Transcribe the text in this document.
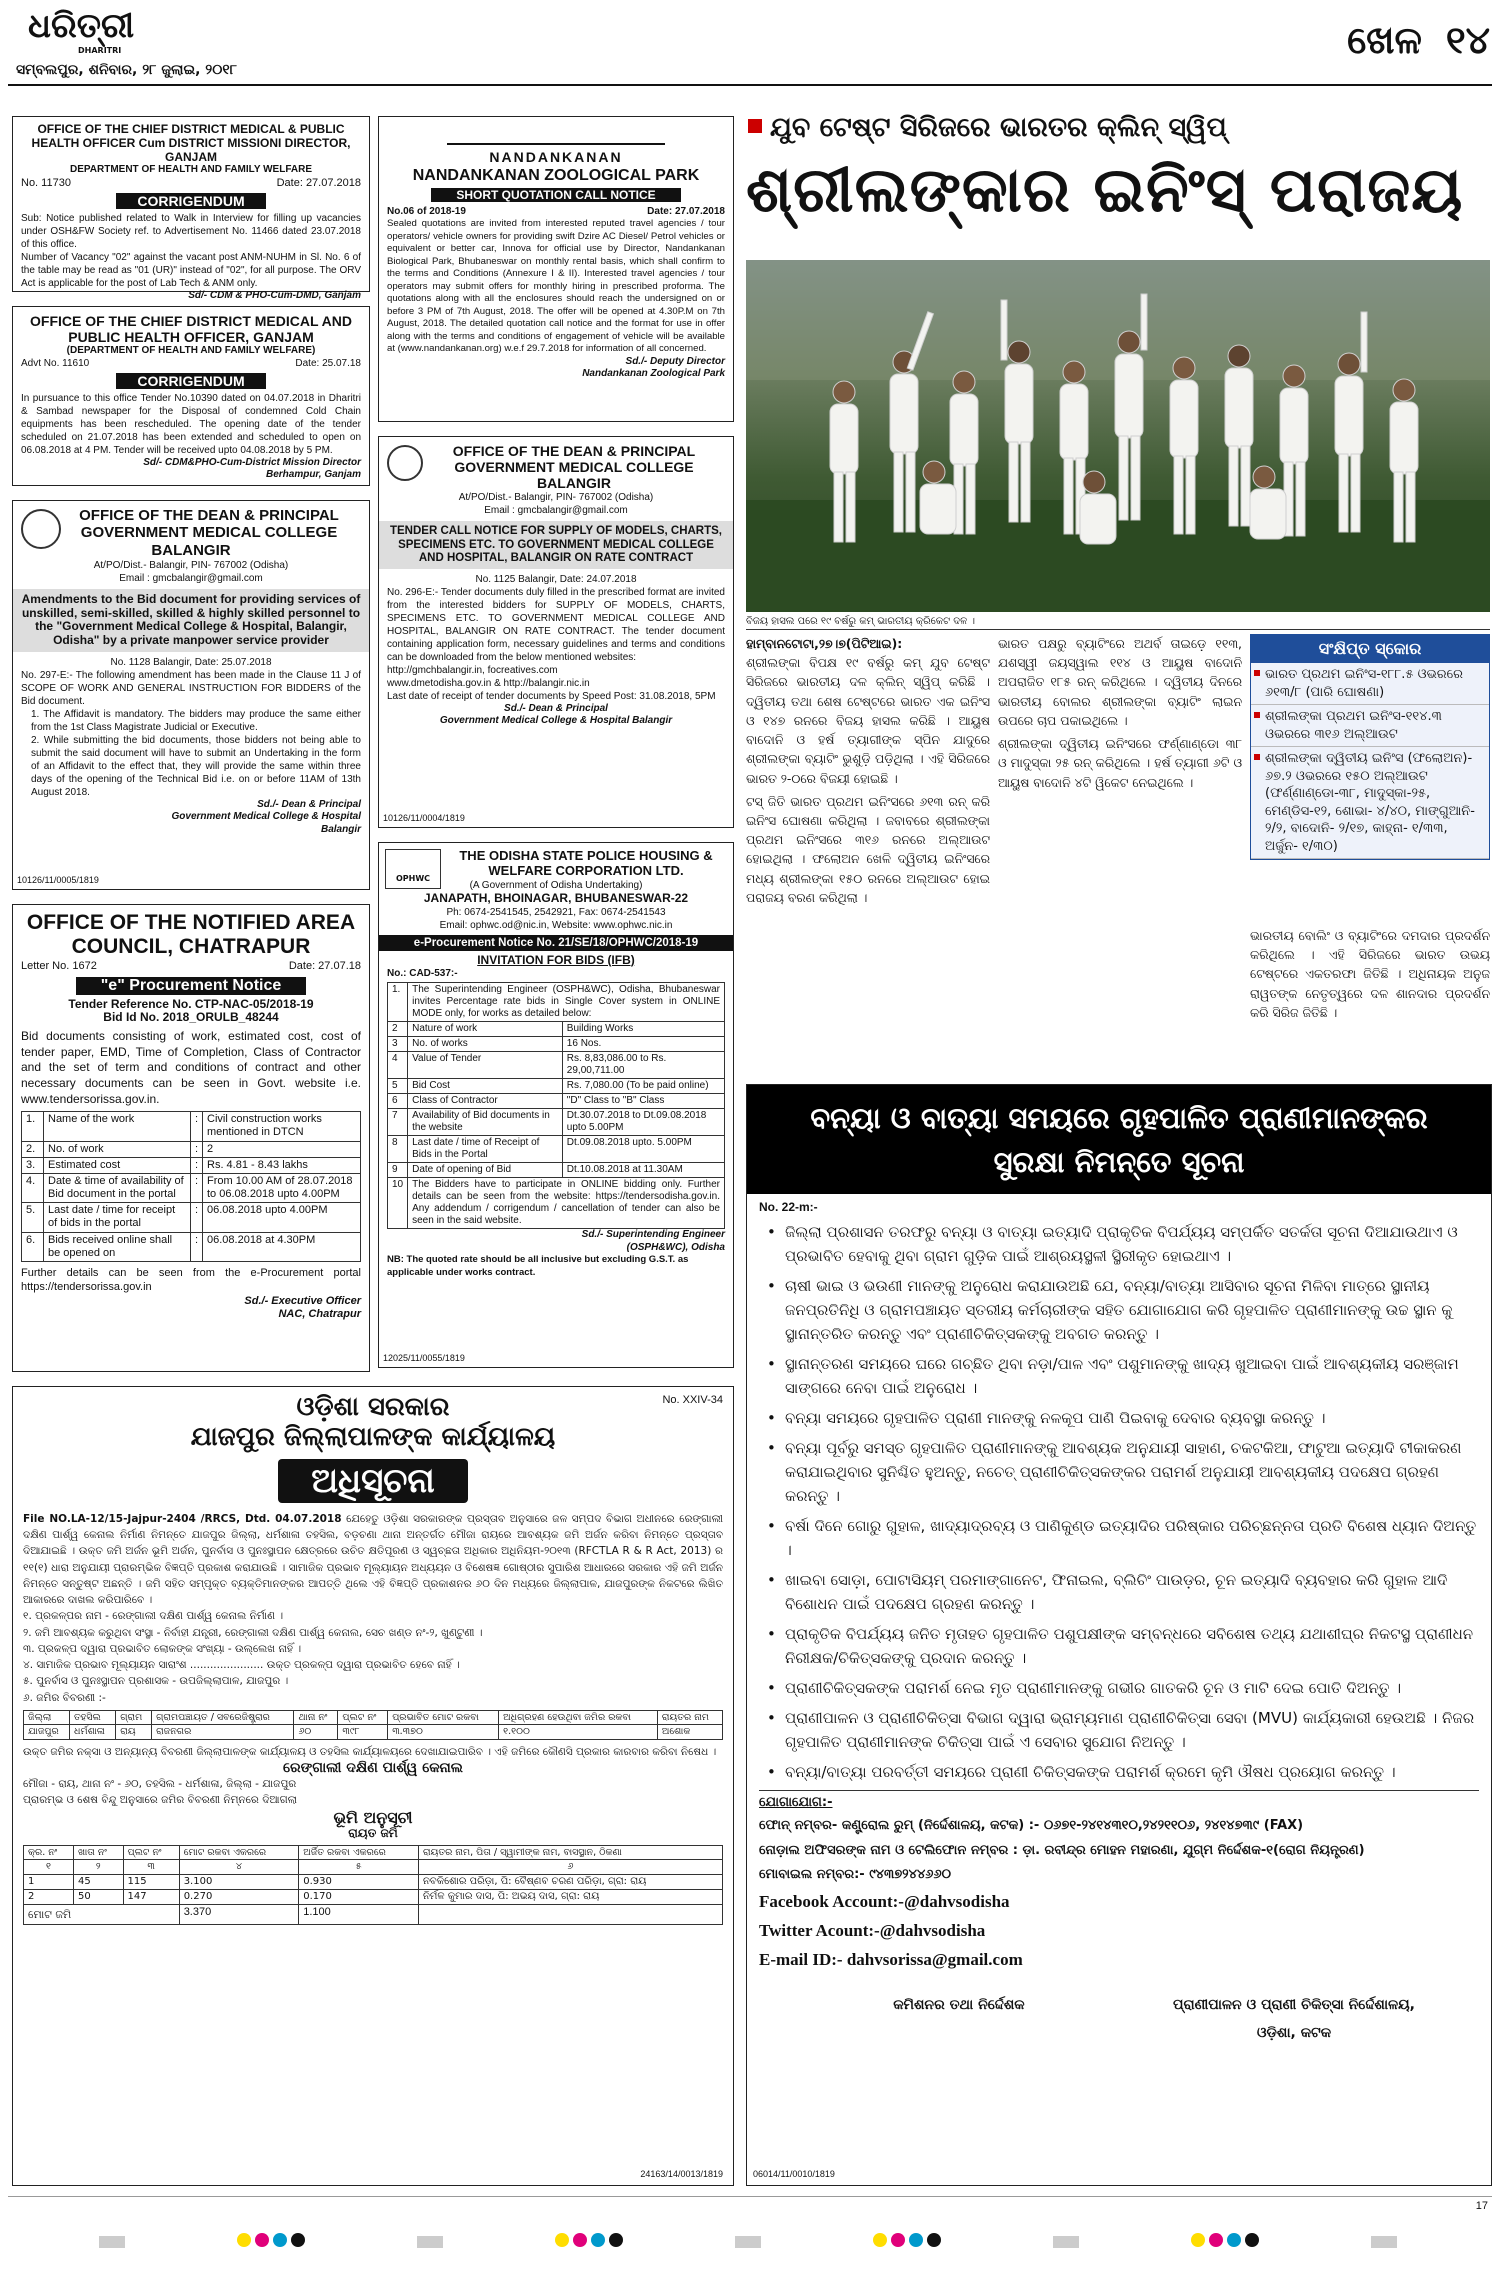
ଧରିତ୍ରୀ
DHARITRI
ସମ୍ବଲପୁର, ଶନିବାର, ୨୮ ଜୁଲାଇ, ୨୦୧୮
ଖେଳ ୧୪
OFFICE OF THE CHIEF DISTRICT MEDICAL & PUBLIC HEALTH OFFICER Cum DISTRICT MISSIONI DIRECTOR, GANJAM
DEPARTMENT OF HEALTH AND FAMILY WELFARE
No. 11730	Date: 27.07.2018
CORRIGENDUM
Sub: Notice published related to Walk in Interview for filling up vacancies under OSH&FW Society ref. to Advertisement No. 11466 dated 23.07.2018 of this office.
Number of Vacancy "02" against the vacant post ANM-NUHM in Sl. No. 6 of the table may be read as "01 (UR)" instead of "02", for all purpose. The ORV Act is applicable for the post of Lab Tech & ANM only.
Sd/- CDM & PHO-Cum-DMD, Ganjam
OFFICE OF THE CHIEF DISTRICT MEDICAL AND PUBLIC HEALTH OFFICER, GANJAM
(DEPARTMENT OF HEALTH AND FAMILY WELFARE)
Advt No. 11610	Date: 25.07.18
CORRIGENDUM
In pursuance to this office Tender No.10390 dated on 04.07.2018 in Dharitri & Sambad newspaper for the Disposal of condemned Cold Chain equipments has been rescheduled. The opening date of the tender scheduled on 21.07.2018 has been extended and scheduled to open on 06.08.2018 at 4 PM. Tender will be received upto 04.08.2018 by 5 PM.
Sd/- CDM&PHO-Cum-District Mission Director
Berhampur, Ganjam
OFFICE OF THE DEAN & PRINCIPAL GOVERNMENT MEDICAL COLLEGE
BALANGIR
At/PO/Dist.- Balangir, PIN- 767002 (Odisha)
Email : gmcbalangir@gmail.com
Amendments to the Bid document for providing services of unskilled, semi-skilled, skilled & highly skilled personnel to the "Government Medical College & Hospital, Balangir, Odisha" by a private manpower service provider
No. 1128 Balangir, Date: 25.07.2018
No. 297-E:- The following amendment has been made in the Clause 11 J of SCOPE OF WORK AND GENERAL INSTRUCTION FOR BIDDERS of the Bid document.
1. The Affidavit is mandatory. The bidders may produce the same either from the 1st Class Magistrate Judicial or Executive.
2. While submitting the bid documents, those bidders not being able to submit the said document will have to submit an Undertaking in the form of an Affidavit to the effect that, they will provide the same within three days of the opening of the Technical Bid i.e. on or before 11AM of 13th August 2018.
Sd./- Dean & Principal
Government Medical College & Hospital
Balangir
10126/11/0005/1819
OFFICE OF THE NOTIFIED AREA COUNCIL, CHATRAPUR
Letter No. 1672	Date: 27.07.18
"e" Procurement Notice
Tender Reference No. CTP-NAC-05/2018-19
Bid Id No. 2018_ORULB_48244
Bid documents consisting of work, estimated cost, cost of tender paper, EMD, Time of Completion, Class of Contractor and the set of term and conditions of contract and other necessary documents can be seen in Govt. website i.e. www.tendersorissa.gov.in.
1.	Name of the work	:	Civil construction works mentioned in DTCN
2.	No. of work	:	2
3.	Estimated cost	:	Rs. 4.81 - 8.43 lakhs
4.	Date & time of availability of Bid document in the portal	:	From 10.00 AM of 28.07.2018 to 06.08.2018 upto 4.00PM
5.	Last date / time for receipt of bids in the portal	:	06.08.2018 upto 4.00PM
6.	Bids received online shall be opened on	:	06.08.2018 at 4.30PM
Further details can be seen from the e-Procurement portal https://tendersorissa.gov.in
Sd./- Executive Officer
NAC, Chatrapur
NANDANKANAN
NANDANKANAN ZOOLOGICAL PARK
SHORT QUOTATION CALL NOTICE
No.06 of 2018-19	Date: 27.07.2018
Sealed quotations are invited from interested reputed travel agencies / tour operators/ vehicle owners for providing swift Dzire AC Diesel/ Petrol vehicles or equivalent or better car, Innova for official use by Director, Nandankanan Biological Park, Bhubaneswar on monthly rental basis, which shall confirm to the terms and Conditions (Annexure I & II). Interested travel agencies / tour operators may submit offers for monthly hiring in prescribed proforma. The quotations along with all the enclosures should reach the undersigned on or before 3 PM of 7th August, 2018. The offer will be opened at 4.30P.M on 7th August, 2018. The detailed quotation call notice and the format for use in offer along with the terms and conditions of engagement of vehicle will be available at (www.nandankanan.org) w.e.f 29.7.2018 for information of all concerned.
Sd./- Deputy Director
Nandankanan Zoological Park
OFFICE OF THE DEAN & PRINCIPAL GOVERNMENT MEDICAL COLLEGE BALANGIR
At/PO/Dist.- Balangir, PIN- 767002 (Odisha)
Email : gmcbalangir@gmail.com
TENDER CALL NOTICE FOR SUPPLY OF MODELS, CHARTS, SPECIMENS ETC. TO GOVERNMENT MEDICAL COLLEGE AND HOSPITAL, BALANGIR ON RATE CONTRACT
No. 1125 Balangir, Date: 24.07.2018
No. 296-E:- Tender documents duly filled in the prescribed format are invited from the interested bidders for SUPPLY OF MODELS, CHARTS, SPECIMENS ETC. TO GOVERNMENT MEDICAL COLLEGE AND HOSPITAL, BALANGIR ON RATE CONTRACT. The tender document containing application form, necessary guidelines and terms and conditions can be downloaded from the below mentioned websites:
http://gmchbalangir.in, focreatives.com
www.dmetodisha.gov.in & http://balangir.nic.in
Last date of receipt of tender documents by Speed Post: 31.08.2018, 5PM
Sd./- Dean & Principal
Government Medical College & Hospital Balangir
10126/11/0004/1819
OPHWC
THE ODISHA STATE POLICE HOUSING & WELFARE CORPORATION LTD.
(A Government of Odisha Undertaking)
JANAPATH, BHOINAGAR, BHUBANESWAR-22
Ph: 0674-2541545, 2542921, Fax: 0674-2541543
Email: ophwc.od@nic.in, Website: www.ophwc.nic.in
e-Procurement Notice No. 21/SE/18/OPHWC/2018-19
INVITATION FOR BIDS (IFB)
No.: CAD-537:-
1.	The Superintending Engineer (OSPH&WC), Odisha, Bhubaneswar invites Percentage rate bids in Single Cover system in ONLINE MODE only, for works as detailed below:	
2	Nature of work	Building Works
3	No. of works	16 Nos.
4	Value of Tender	Rs. 8,83,086.00 to Rs. 29,00,711.00
5	Bid Cost	Rs. 7,080.00 (To be paid online)
6	Class of Contractor	"D" Class to "B" Class
7	Availability of Bid documents in the website	Dt.30.07.2018 to Dt.09.08.2018 upto 5.00PM
8	Last date / time of Receipt of Bids in the Portal	Dt.09.08.2018 upto. 5.00PM
9	Date of opening of Bid	Dt.10.08.2018 at 11.30AM
10	The Bidders have to participate in ONLINE bidding only. Further details can be seen from the website: https://tendersodisha.gov.in. Any addendum / corrigendum / cancellation of tender can also be seen in the said website.	
Sd./- Superintending Engineer
(OSPH&WC), Odisha
NB: The quoted rate should be all inclusive but excluding G.S.T. as applicable under works contract.
12025/11/0055/1819
No. XXIV-34
ଓଡ଼ିଶା ସରକାର
ଯାଜପୁର ଜିଲ୍ଲାପାଳଙ୍କ କାର୍ଯ୍ୟାଳୟ
ଅଧିସୂଚନା
File NO.LA-12/15-Jajpur-2404 /RRCS, Dtd. 04.07.2018 ଯେହେତୁ ଓଡ଼ିଶା ସରକାରଙ୍କ ପ୍ରସ୍ତାବ ଅନୁସାରେ ଜଳ ସମ୍ପଦ ବିଭାଗ ଅଧୀନରେ ରେଙ୍ଗାଲୀ ଦକ୍ଷିଣ ପାର୍ଶ୍ୱ କେନାଲ ନିର୍ମାଣ ନିମନ୍ତେ ଯାଜପୁର ଜିଲ୍ଲା, ଧର୍ମଶାଳା ତହସିଲ, ବଡ଼ଚଣା ଥାନା ଅନ୍ତର୍ଗତ ମୌଜା ରାୟରେ ଆବଶ୍ୟକ ଜମି ଅର୍ଜନ କରିବା ନିମନ୍ତେ ପ୍ରସ୍ତାବ ଦିଆଯାଇଛି । ଉକ୍ତ ଜମି ଅର୍ଜନ ଭୂମି ଅର୍ଜନ, ପୁନର୍ବାସ ଓ ପୁନଃସ୍ଥାପନ କ୍ଷେତ୍ରରେ ଉଚିତ କ୍ଷତିପୂରଣ ଓ ସ୍ୱଚ୍ଛତା ଅଧିକାର ଅଧିନିୟମ-୨୦୧୩ (RFCTLA R & R Act, 2013) ର ୧୧(୧) ଧାରା ଅନୁଯାୟୀ ପ୍ରାରମ୍ଭିକ ବିଜ୍ଞପ୍ତି ପ୍ରକାଶ କରାଯାଉଛି । ସାମାଜିକ ପ୍ରଭାବ ମୂଲ୍ୟାୟନ ଅଧ୍ୟୟନ ଓ ବିଶେଷଜ୍ଞ ଗୋଷ୍ଠୀର ସୁପାରିଶ ଆଧାରରେ ସରକାର ଏହି ଜମି ଅର୍ଜନ ନିମନ୍ତେ ସନ୍ତୁଷ୍ଟ ଅଛନ୍ତି । ଜମି ସହିତ ସମ୍ପୃକ୍ତ ବ୍ୟକ୍ତିମାନଙ୍କର ଆପତ୍ତି ଥିଲେ ଏହି ବିଜ୍ଞପ୍ତି ପ୍ରକାଶନର ୬୦ ଦିନ ମଧ୍ୟରେ ଜିଲ୍ଲାପାଳ, ଯାଜପୁରଙ୍କ ନିକଟରେ ଲିଖିତ ଆକାରରେ ଦାଖଲ କରିପାରିବେ ।
୧. ପ୍ରକଳ୍ପର ନାମ - ରେଙ୍ଗାଲୀ ଦକ୍ଷିଣ ପାର୍ଶ୍ୱ କେନାଲ ନିର୍ମାଣ ।
୨. ଜମି ଆବଶ୍ୟକ କରୁଥିବା ସଂସ୍ଥା - ନିର୍ବାହୀ ଯନ୍ତ୍ରୀ, ରେଙ୍ଗାଲୀ ଦକ୍ଷିଣ ପାର୍ଶ୍ୱ କେନାଲ, ସେଚ ଖଣ୍ଡ ନଂ-୨, ଖୁଣ୍ଟୁଣୀ ।
୩. ପ୍ରକଳ୍ପ ଦ୍ୱାରା ପ୍ରଭାବିତ ଲୋକଙ୍କ ସଂଖ୍ୟା - ଉଲ୍ଲେଖ ନାହିଁ ।
୪. ସାମାଜିକ ପ୍ରଭାବ ମୂଲ୍ୟାୟନ ସାରାଂଶ ...................... ଉକ୍ତ ପ୍ରକଳ୍ପ ଦ୍ୱାରା ପ୍ରଭାବିତ ହେବେ ନାହିଁ ।
୫. ପୁନର୍ବାସ ଓ ପୁନଃସ୍ଥାପନ ପ୍ରଶାସକ - ଉପଜିଲ୍ଲାପାଳ, ଯାଜପୁର ।
୬. ଜମିର ବିବରଣୀ :-
ଜିଲ୍ଲା	ତହସିଲ	ଗ୍ରାମ	ଗ୍ରାମପଞ୍ଚାୟତ / ସବରେଜିଷ୍ଟ୍ରାର	ଥାନା ନଂ	ପ୍ଲଟ ନଂ	ପ୍ରଭାବିତ ମୋଟ ରକବା	ଅଧିଗ୍ରହଣ ହେଉଥିବା ଜମିର ରକବା	ରାୟତର ନାମ
ଯାଜପୁର	ଧର୍ମଶାଳା	ରାୟ	ରାଜନଗର	୬୦	୩୯୮	୩.୩୭୦	୧.୧୦୦	ଅଶୋକ
ଉକ୍ତ ଜମିର ନକ୍ସା ଓ ଅନ୍ୟାନ୍ୟ ବିବରଣୀ ଜିଲ୍ଲାପାଳଙ୍କ କାର୍ଯ୍ୟାଳୟ ଓ ତହସିଲ କାର୍ଯ୍ୟାଳୟରେ ଦେଖାଯାଇପାରିବ । ଏହି ଜମିରେ କୌଣସି ପ୍ରକାର କାରବାର କରିବା ନିଷେଧ ।
ରେଙ୍ଗାଲୀ ଦକ୍ଷିଣ ପାର୍ଶ୍ୱ କେନାଲ
ମୌଜା - ରାୟ, ଥାନା ନଂ - ୬୦, ତହସିଲ - ଧର୍ମଶାଳା, ଜିଲ୍ଲା - ଯାଜପୁର
ପ୍ରାରମ୍ଭ ଓ ଶେଷ ବିନ୍ଦୁ ଅନୁସାରେ ଜମିର ବିବରଣୀ ନିମ୍ନରେ ଦିଆଗଲା
ଭୂମି ଅନୁସୂଚୀ
ରାୟତ ଜମି
କ୍ର. ନଂ	ଖାତା ନଂ	ପ୍ଲଟ ନଂ	ମୋଟ ରକବା ଏକରରେ	ଅର୍ଜିତ ରକବା ଏକରରେ	ରାୟତର ନାମ, ପିତା / ସ୍ୱାମୀଙ୍କ ନାମ, ବାସସ୍ଥାନ, ଠିକଣା
୧	୨	୩	୪	୫	୬
1	45	115	3.100	0.930	ନବକିଶୋର ପରିଡ଼ା, ପି: ବୈଷ୍ଣବ ଚରଣ ପରିଡ଼ା, ଗ୍ରା: ରାୟ
2	50	147	0.270	0.170	ନିର୍ମଳ କୁମାର ଦାସ, ପି: ଅଭୟ ଦାସ, ଗ୍ରା: ରାୟ
ମୋଟ ଜମି			3.370	1.100	
24163/14/0013/1819
ଯୁବ ଟେଷ୍ଟ ସିରିଜରେ ଭାରତର କ୍ଲିନ୍ ସ୍ୱିପ୍
ଶ୍ରୀଲଙ୍କାର ଇନିଂସ୍ ପରାଜୟ
ବିଜୟ ହାସଲ ପରେ ୧୯ ବର୍ଷରୁ କମ୍ ଭାରତୀୟ କ୍ରିକେଟ ଦଳ ।

ହାମ୍ବାନଟୋଟା,୨୭।୭(ପିଟିଆଇ):

ଶ୍ରୀଲଙ୍କା ବିପକ୍ଷ ୧୯ ବର୍ଷରୁ କମ୍ ଯୁବ ଟେଷ୍ଟ ସିରିଜରେ ଭାରତୀୟ ଦଳ କ୍ଲିନ୍ ସ୍ୱିପ୍ କରିଛି । ଦ୍ୱିତୀୟ ତଥା ଶେଷ ଟେଷ୍ଟରେ ଭାରତ ଏକ ଇନିଂସ ଓ ୧୪୭ ରନରେ ବିଜୟ ହାସଲ କରିଛି । ଆୟୁଷ ବାଦୋନି ଓ ହର୍ଷ ତ୍ୟାଗୀଙ୍କ ସ୍ପିନ ଯାଦୁରେ ଶ୍ରୀଲଙ୍କା ବ୍ୟାଟିଂ ଭୁଶୁଡ଼ି ପଡ଼ିଥିଲା । ଏହି ସିରିଜରେ ଭାରତ ୨-୦ରେ ବିଜୟୀ ହୋଇଛି ।

ଟସ୍ ଜିତି ଭାରତ ପ୍ରଥମ ଇନିଂସରେ ୬୧୩ ରନ୍ କରି ଇନିଂସ ଘୋଷଣା କରିଥିଲା । ଜବାବରେ ଶ୍ରୀଲଙ୍କା ପ୍ରଥମ ଇନିଂସରେ ୩୧୬ ରନରେ ଅଲ୍ଆଉଟ ହୋଇଥିଲା । ଫଲୋଅନ ଖେଳି ଦ୍ୱିତୀୟ ଇନିଂସରେ ମଧ୍ୟ ଶ୍ରୀଲଙ୍କା ୧୫୦ ରନରେ ଅଲ୍ଆଉଟ ହୋଇ ପରାଜୟ ବରଣ କରିଥିଲା ।

ଭାରତ ପକ୍ଷରୁ ବ୍ୟାଟିଂରେ ଅଥର୍ବ ତାଇଡ଼େ ୧୧୩, ଯଶସ୍ୱୀ ଜୟସ୍ୱାଲ ୧୧୪ ଓ ଆୟୁଷ ବାଦୋନି ଅପରାଜିତ ୧୮୫ ରନ୍ କରିଥିଲେ । ଦ୍ୱିତୀୟ ଦିନରେ ଭାରତୀୟ ବୋଲର ଶ୍ରୀଲଙ୍କା ବ୍ୟାଟିଂ ଲାଇନ ଉପରେ ଚାପ ପକାଇଥିଲେ ।

ଶ୍ରୀଲଙ୍କା ଦ୍ୱିତୀୟ ଇନିଂସରେ ଫର୍ଣ୍ଣାଣ୍ଡୋ ୩୮ ଓ ମାଦୁସ୍କା ୨୫ ରନ୍ କରିଥିଲେ । ହର୍ଷ ତ୍ୟାଗୀ ୬ଟି ଓ ଆୟୁଷ ବାଦୋନି ୪ଟି ୱିକେଟ ନେଇଥିଲେ ।

ସଂକ୍ଷିପ୍ତ ସ୍କୋର
ଭାରତ ପ୍ରଥମ ଇନିଂସ-୧୮୮.୫ ଓଭରରେ ୬୧୩/୮ (ପାରି ଘୋଷଣା)
ଶ୍ରୀଲଙ୍କା ପ୍ରଥମ ଇନିଂସ-୧୧୪.୩ ଓଭରରେ ୩୧୬ ଅଲ୍ଆଉଟ
ଶ୍ରୀଲଙ୍କା ଦ୍ୱିତୀୟ ଇନିଂସ (ଫଲୋଅନ)- ୬୭.୨ ଓଭରରେ ୧୫୦ ଅଲ୍ଆଉଟ (ଫର୍ଣ୍ଣାଣ୍ଡୋ-୩୮, ମାଦୁସ୍କା-୨୫, ମେଣ୍ଡିସ-୧୨, ଶୋଭା- ୪/୪୦, ମାଙ୍ଗୁଆନି- ୨/୨, ବାଦୋନି- ୨/୧୭, କାହ୍ନା- ୧/୩୩, ଅର୍ଜୁନ- ୧/୩୦)

ଭାରତୀୟ ବୋଲିଂ ଓ ବ୍ୟାଟିଂରେ ଦମଦାର ପ୍ରଦର୍ଶନ କରିଥିଲେ । ଏହି ସିରିଜରେ ଭାରତ ଉଭୟ ଟେଷ୍ଟରେ ଏକତରଫା ଜିତିଛି । ଅଧିନାୟକ ଅନୁଜ ରାୱତଙ୍କ ନେତୃତ୍ୱରେ ଦଳ ଶାନଦାର ପ୍ରଦର୍ଶନ କରି ସିରିଜ ଜିତିଛି ।

ବନ୍ୟା ଓ ବାତ୍ୟା ସମୟରେ ଗୃହପାଳିତ ପ୍ରାଣୀମାନଙ୍କର
ସୁରକ୍ଷା ନିମନ୍ତେ ସୂଚନା
No. 22-m:-
• ଜିଲ୍ଲା ପ୍ରଶାସନ ତରଫରୁ ବନ୍ୟା ଓ ବାତ୍ୟା ଇତ୍ୟାଦି ପ୍ରାକୃତିକ ବିପର୍ଯ୍ୟୟ ସମ୍ପର୍କିତ ସତର୍କତା ସୂଚନା ଦିଆଯାଉଥାଏ ଓ ପ୍ରଭାବିତ ହେବାକୁ ଥିବା ଗ୍ରାମ ଗୁଡ଼ିକ ପାଇଁ ଆଶ୍ରୟସ୍ଥଳୀ ସ୍ଥିରୀକୃତ ହୋଇଥାଏ ।
• ଚାଷୀ ଭାଇ ଓ ଭଉଣୀ ମାନଙ୍କୁ ଅନୁରୋଧ କରାଯାଉଅଛି ଯେ, ବନ୍ୟା/ବାତ୍ୟା ଆସିବାର ସୂଚନା ମିଳିବା ମାତ୍ରେ ସ୍ଥାନୀୟ ଜନପ୍ରତିନିଧି ଓ ଗ୍ରାମପଞ୍ଚାୟତ ସ୍ତରୀୟ କର୍ମଚାରୀଙ୍କ ସହିତ ଯୋଗାଯୋଗ କରି ଗୃହପାଳିତ ପ୍ରାଣୀମାନଙ୍କୁ ଉଚ୍ଚ ସ୍ଥାନ କୁ ସ୍ଥାନାନ୍ତରିତ କରନ୍ତୁ ଏବଂ ପ୍ରାଣୀଚିକିତ୍ସକଙ୍କୁ ଅବଗତ କରନ୍ତୁ ।
• ସ୍ଥାନାନ୍ତରଣ ସମୟରେ ଘରେ ଗଚ୍ଛିତ ଥିବା ନଡ଼ା/ପାଳ ଏବଂ ପଶୁମାନଙ୍କୁ ଖାଦ୍ୟ ଖୁଆଇବା ପାଇଁ ଆବଶ୍ୟକୀୟ ସରଞ୍ଜାମ ସାଙ୍ଗରେ ନେବା ପାଇଁ ଅନୁରୋଧ ।
• ବନ୍ୟା ସମୟରେ ଗୃହପାଳିତ ପ୍ରାଣୀ ମାନଙ୍କୁ ନଳକୂପ ପାଣି ପିଇବାକୁ ଦେବାର ବ୍ୟବସ୍ଥା କରନ୍ତୁ ।
• ବନ୍ୟା ପୂର୍ବରୁ ସମସ୍ତ ଗୃହପାଳିତ ପ୍ରାଣୀମାନଙ୍କୁ ଆବଶ୍ୟକ ଅନୁଯାୟୀ ସାହାଣ, ଚକଟକିଆ, ଫାଟୁଆ ଇତ୍ୟାଦି ଟୀକାକରଣ କରାଯାଇଥିବାର ସୁନିଶ୍ଚିତ ହୁଅନ୍ତୁ, ନଚେତ୍ ପ୍ରାଣୀଚିକିତ୍ସକଙ୍କର ପରାମର୍ଶ ଅନୁଯାୟୀ ଆବଶ୍ୟକୀୟ ପଦକ୍ଷେପ ଗ୍ରହଣ କରନ୍ତୁ ।
• ବର୍ଷା ଦିନେ ଗୋରୁ ଗୁହାଳ, ଖାଦ୍ୟାଦ୍ରବ୍ୟ ଓ ପାଣିକୁଣ୍ଡ ଇତ୍ୟାଦିର ପରିଷ୍କାର ପରିଚ୍ଛନ୍ନତା ପ୍ରତି ବିଶେଷ ଧ୍ୟାନ ଦିଅନ୍ତୁ ।
• ଖାଇବା ସୋଡ଼ା, ପୋଟାସିୟମ୍ ପରମାଙ୍ଗାନେଟ, ଫିନାଇଲ, ବ୍ଲିଚିଂ ପାଉଡ଼ର, ଚୂନ ଇତ୍ୟାଦି ବ୍ୟବହାର କରି ଗୁହାଳ ଆଦି ବିଶୋଧନ ପାଇଁ ପଦକ୍ଷେପ ଗ୍ରହଣ କରନ୍ତୁ ।
• ପ୍ରାକୃତିକ ବିପର୍ଯ୍ୟୟ ଜନିତ ମୃତାହତ ଗୃହପାଳିତ ପଶୁପକ୍ଷୀଙ୍କ ସମ୍ବନ୍ଧରେ ସବିଶେଷ ତଥ୍ୟ ଯଥାଶୀଘ୍ର ନିକଟସ୍ଥ ପ୍ରାଣୀଧନ ନିରୀକ୍ଷକ/ଚିକିତ୍ସକଙ୍କୁ ପ୍ରଦାନ କରନ୍ତୁ ।
• ପ୍ରାଣୀଚିକିତ୍ସକଙ୍କ ପରାମର୍ଶ ନେଇ ମୃତ ପ୍ରାଣୀମାନଙ୍କୁ ଗଭୀର ଗାତକରି ଚୂନ ଓ ମାଟି ଦେଇ ପୋତି ଦିଅନ୍ତୁ ।
• ପ୍ରାଣୀପାଳନ ଓ ପ୍ରାଣୀଚିକିତ୍ସା ବିଭାଗ ଦ୍ୱାରା ଭ୍ରାମ୍ୟମାଣ ପ୍ରାଣୀଚିକିତ୍ସା ସେବା (MVU) କାର୍ଯ୍ୟକାରୀ ହେଉଅଛି । ନିଜର ଗୃହପାଳିତ ପ୍ରାଣୀମାନଙ୍କ ଚିକିତ୍ସା ପାଇଁ ଏ ସେବାର ସୁଯୋଗ ନିଅନ୍ତୁ ।
• ବନ୍ୟା/ବାତ୍ୟା ପରବର୍ତ୍ତୀ ସମୟରେ ପ୍ରାଣୀ ଚିକିତ୍ସକଙ୍କ ପରାମର୍ଶ କ୍ରମେ କୃମି ଔଷଧ ପ୍ରୟୋଗ କରନ୍ତୁ ।
ଯୋଗାଯୋଗ:-
ଫୋନ୍ ନମ୍ବର- କଣ୍ଟ୍ରୋଲ ରୁମ୍ (ନିର୍ଦ୍ଦେଶାଳୟ, କଟକ) :- ୦୬୭୧-୨୪୧୪୩୧୦,୨୪୨୧୧୦୬, ୨୪୧୪୭୩୯ (FAX)
ନୋଡ଼ାଲ ଅଫିସରଙ୍କ ନାମ ଓ ଟେଲିଫୋନ ନମ୍ବର : ଡ଼ା. ରବୀନ୍ଦ୍ର ମୋହନ ମହାରଣା, ଯୁଗ୍ମ ନିର୍ଦ୍ଦେଶକ-୧(ରୋଗ ନିୟନ୍ତ୍ରଣ)
ମୋବାଇଲ ନମ୍ବର:- ୯୪୩୭୨୪୪୬୬୦
Facebook Account:-@dahvsodisha
Twitter Acount:-@dahvsodisha
E-mail ID:- dahvsorissa@gmail.com
କମିଶନର ତଥା ନିର୍ଦ୍ଦେଶକ	ପ୍ରାଣୀପାଳନ ଓ ପ୍ରାଣୀ ଚିକିତ୍ସା ନିର୍ଦ୍ଦେଶାଳୟ, ଓଡ଼ିଶା, କଟକ
06014/11/0010/1819
17
